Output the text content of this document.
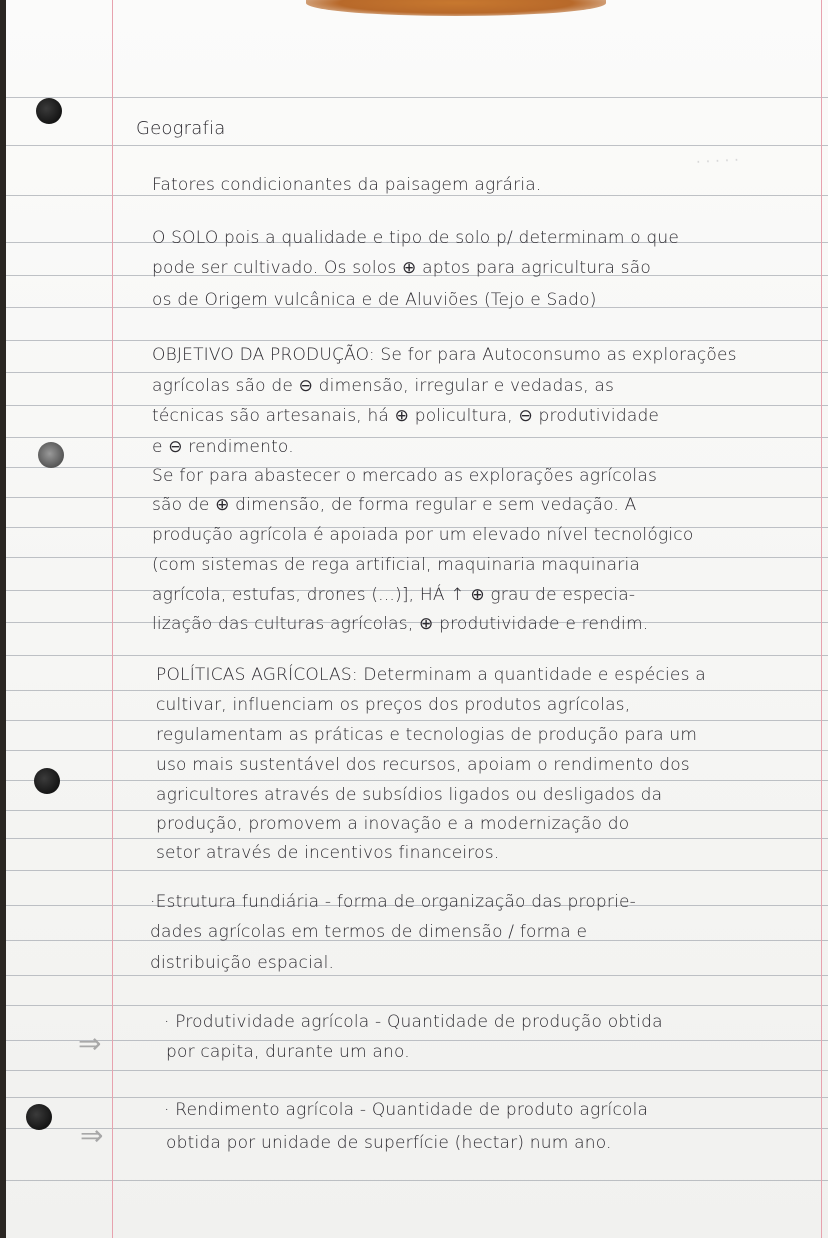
· · · · ·
Geografia
Fatores condicionantes da paisagem agrária.
O SOLO pois a qualidade e tipo de solo p/ determinam o que
pode ser cultivado. Os solos ⊕ aptos para agricultura são
os de Origem vulcânica e de Aluviões (Tejo e Sado)
OBJETIVO DA PRODUÇÃO: Se for para Autoconsumo as explorações
agrícolas são de ⊖ dimensão, irregular e vedadas, as
técnicas são artesanais, há ⊕ policultura, ⊖ produtividade
e ⊖ rendimento.
Se for para abastecer o mercado as explorações agrícolas
são de ⊕ dimensão, de forma regular e sem vedação. A
produção agrícola é apoiada por um elevado nível tecnológico
(com sistemas de rega artificial, maquinaria maquinaria
agrícola, estufas, drones (...)], HÁ ↑ ⊕ grau de especia-
lização das culturas agrícolas, ⊕ produtividade e rendim.
POLÍTICAS AGRÍCOLAS: Determinam a quantidade e espécies a
cultivar, influenciam os preços dos produtos agrícolas,
regulamentam as práticas e tecnologias de produção para um
uso mais sustentável dos recursos, apoiam o rendimento dos
agricultores através de subsídios ligados ou desligados da
produção, promovem a inovação e a modernização do
setor através de incentivos financeiros.
·Estrutura fundiária - forma de organização das proprie-
dades agrícolas em termos de dimensão / forma e
distribuição espacial.
· Produtividade agrícola - Quantidade de produção obtida
⇒	por capita, durante um ano.
· Rendimento agrícola - Quantidade de produto agrícola
⇒	obtida por unidade de superfície (hectar) num ano.
